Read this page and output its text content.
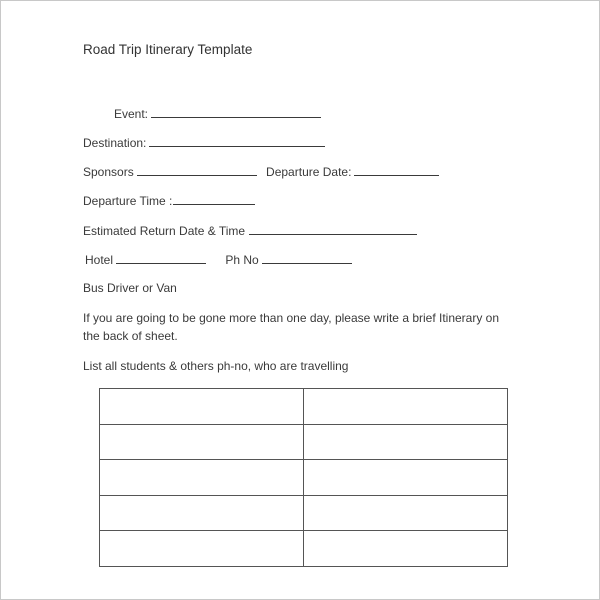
Road Trip Itinerary Template
Event:
Destination:
Sponsors	Departure Date:
Departure Time :
Estimated Return Date & Time
Hotel	Ph No
Bus Driver or Van
If you are going to be gone more than one day, please write a brief Itinerary on the back of sheet.
List all students & others ph-no, who are travelling
